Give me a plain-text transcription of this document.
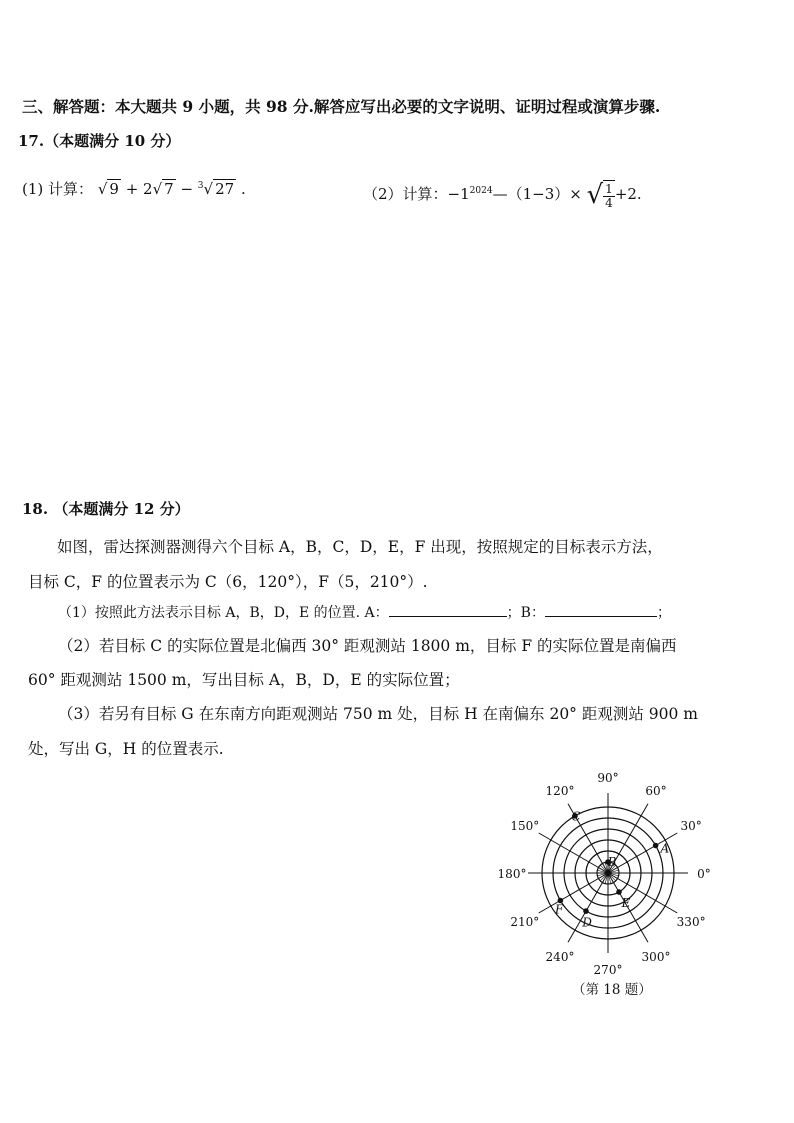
三、解答题：本大题共 9 小题，共 98 分.解答应写出必要的文字说明、证明过程或演算步骤.
17.（本题满分 10 分）
(1) 计算： √ 9 + 2√ 7 − $^3$√ 27 .	（2）计算：$-1^{2024}—(1-3)\times$ √ $\frac{1}{4} +2$.
18. （本题满分 12 分）
如图，雷达探测器测得六个目标 A，B，C，D，E，F 出现，按照规定的目标表示方法，
目标 C，F 的位置表示为 C（6，120°），F（5，210°）.
（1）按照此方法表示目标 A，B，D，E 的位置. A：	；B：	；
（2）若目标 C 的实际位置是北偏西 30° 距观测站 1800 m，目标 F 的实际位置是南偏西
60° 距观测站 1500 m，写出目标 A，B，D，E 的实际位置；
（3）若另有目标 G 在东南方向距观测站 750 m 处，目标 H 在南偏东 20° 距观测站 900 m
处，写出 G，H 的位置表示.
0°
30°
60°
90°
120°
150°
180°
210°
240°
270°
300°
330°
A
B
C
D
E
F
（第 18 题）
